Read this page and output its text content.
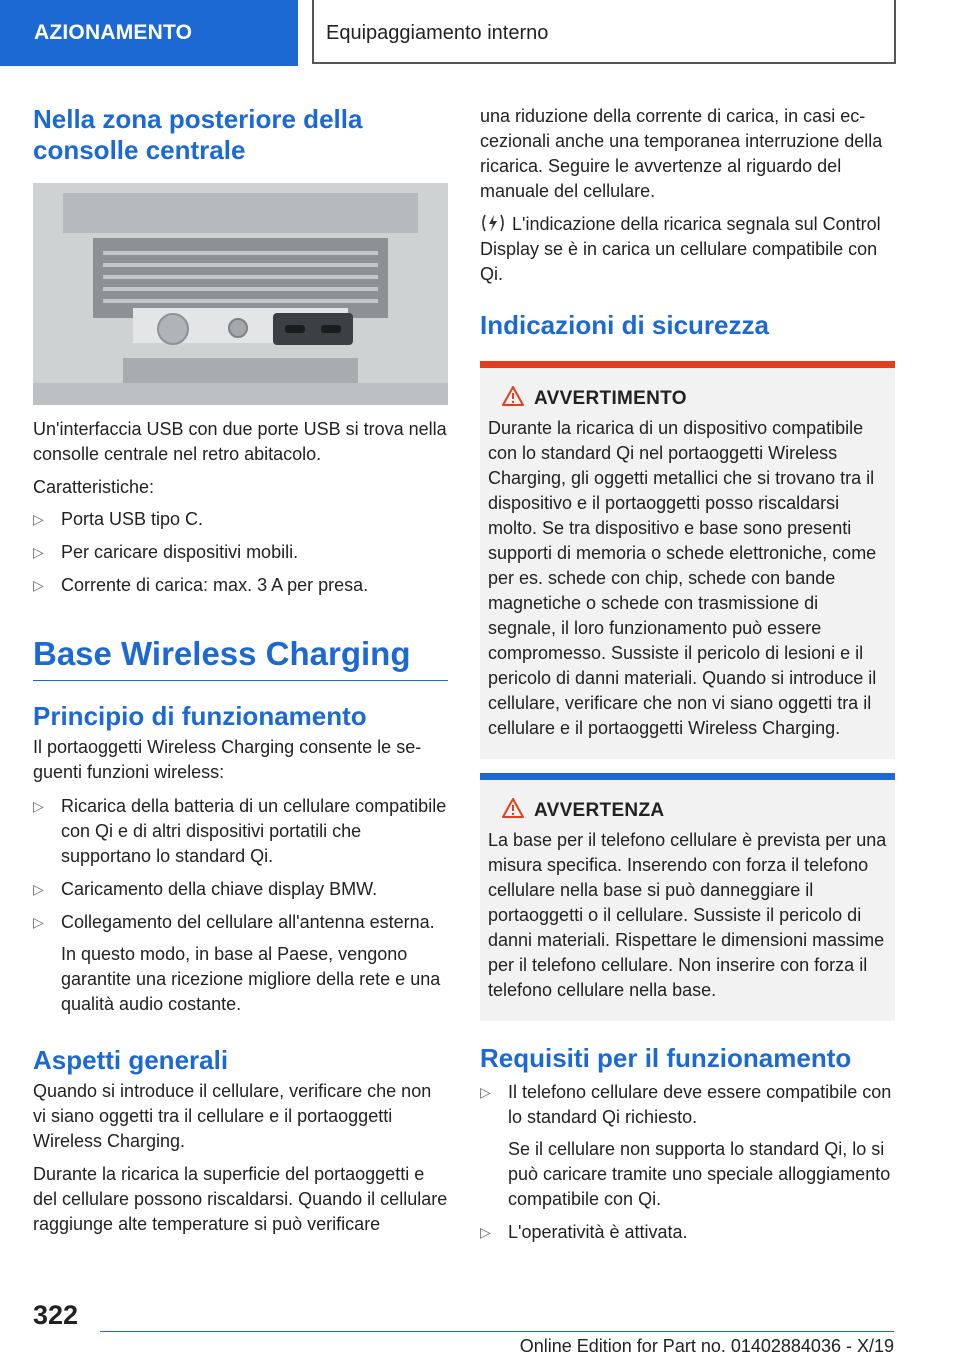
AZIONAMENTO	Equipaggiamento interno
Nella zona posteriore della consolle centrale

Un'interfaccia USB con due porte USB si trova nella consolle centrale nel retro abitacolo.

Caratteristiche:

▷ Porta USB tipo C.
▷ Per caricare dispositivi mobili.
▷ Corrente di carica: max. 3 A per presa.
Base Wireless Charging
Principio di funzionamento

Il portaoggetti Wireless Charging consente le seguenti funzioni wireless:

▷ Ricarica della batteria di un cellulare compatibile con Qi e di altri dispositivi portatili che supportano lo standard Qi.
▷ Caricamento della chiave display BMW.
▷ Collegamento del cellulare all'antenna esterna.
In questo modo, in base al Paese, vengono garantite una ricezione migliore della rete e una qualità audio costante.
Aspetti generali

Quando si introduce il cellulare, verificare che non vi siano oggetti tra il cellulare e il portaoggetti Wireless Charging.

Durante la ricarica la superficie del portaoggetti e del cellulare possono riscaldarsi. Quando il cellulare raggiunge alte temperature si può verificare

una riduzione della corrente di carica, in casi eccezionali anche una temporanea interruzione della ricarica. Seguire le avvertenze al riguardo del manuale del cellulare.

L'indicazione della ricarica segnala sul Control Display se è in carica un cellulare compatibile con Qi.

Indicazioni di sicurezza
AVVERTIMENTO

Durante la ricarica di un dispositivo compatibile con lo standard Qi nel portaoggetti Wireless Charging, gli oggetti metallici che si trovano tra il dispositivo e il portaoggetti posso riscaldarsi molto. Se tra dispositivo e base sono presenti supporti di memoria o schede elettroniche, come per es. schede con chip, schede con bande magnetiche o schede con trasmissione di segnale, il loro funzionamento può essere compromesso. Sussiste il pericolo di lesioni e il pericolo di danni materiali. Quando si introduce il cellulare, verificare che non vi siano oggetti tra il cellulare e il portaoggetti Wireless Charging.

AVVERTENZA

La base per il telefono cellulare è prevista per una misura specifica. Inserendo con forza il telefono cellulare nella base si può danneggiare il portaoggetti o il cellulare. Sussiste il pericolo di danni materiali. Rispettare le dimensioni massime per il telefono cellulare. Non inserire con forza il telefono cellulare nella base.

Requisiti per il funzionamento
▷ Il telefono cellulare deve essere compatibile con lo standard Qi richiesto.
Se il cellulare non supporta lo standard Qi, lo si può caricare tramite uno speciale alloggiamento compatibile con Qi.
▷ L'operatività è attivata.
322
Online Edition for Part no. 01402884036 - X/19
